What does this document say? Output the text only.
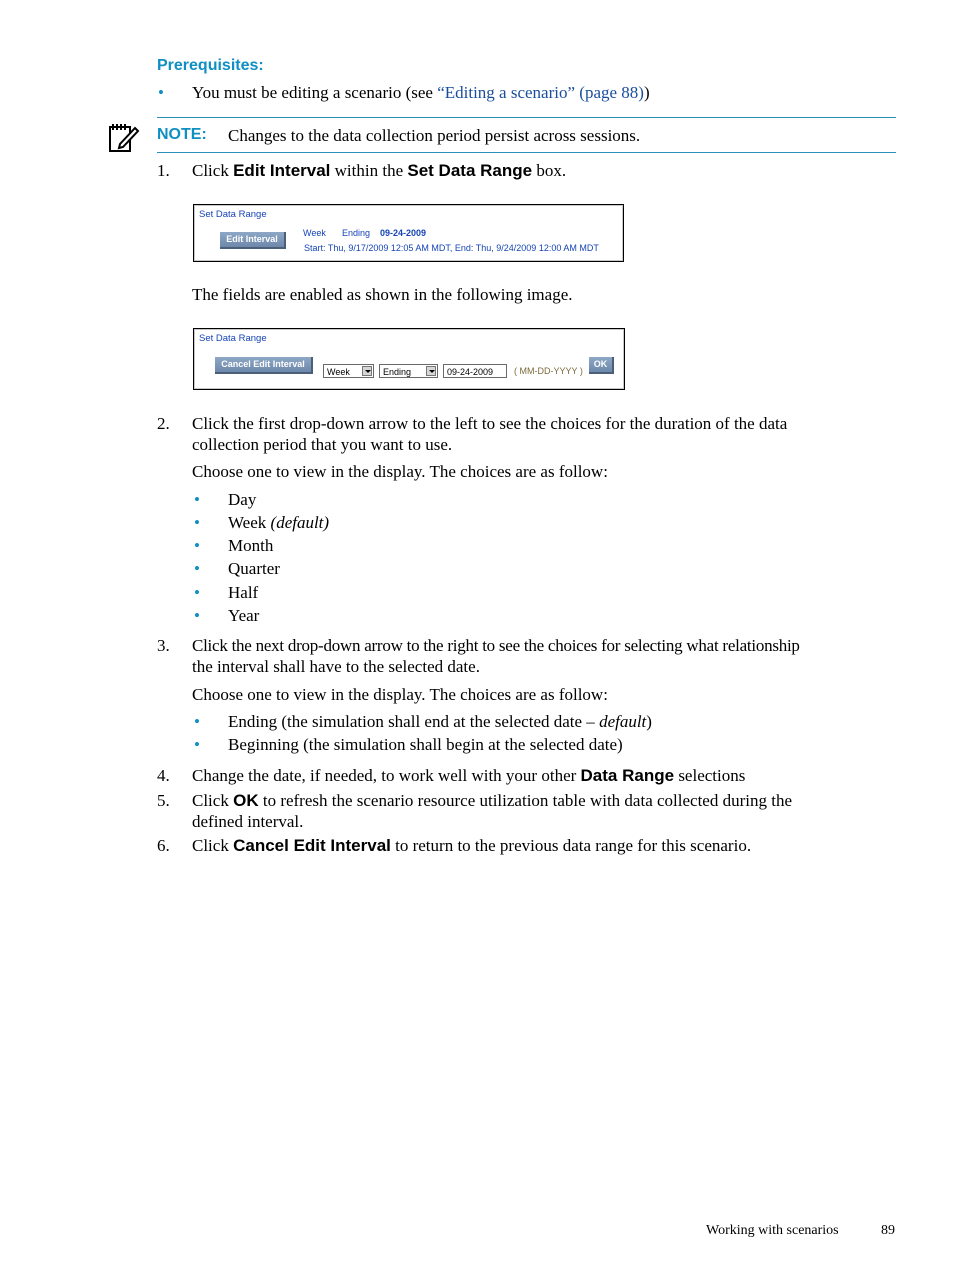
Prerequisites:
• You must be editing a scenario (see “Editing a scenario” (page 88))
NOTE: Changes to the data collection period persist across sessions.
1. Click Edit Interval within the Set Data Range box.
Set Data Range
Edit Interval
Week Ending 09-24-2009
Start: Thu, 9/17/2009 12:05 AM MDT, End: Thu, 9/24/2009 12:00 AM MDT
The fields are enabled as shown in the following image.
Set Data Range
Cancel Edit Interval
Week	Ending	09-24-2009	( MM-DD-YYYY )
OK
2. Click the first drop-down arrow to the left to see the choices for the duration of the data
collection period that you want to use.
Choose one to view in the display. The choices are as follow:
• Day
• Week (default)
• Month
• Quarter
• Half
• Year
3. Click the next drop-down arrow to the right to see the choices for selecting what relationship
the interval shall have to the selected date.
Choose one to view in the display. The choices are as follow:
• Ending (the simulation shall end at the selected date – default)
• Beginning (the simulation shall begin at the selected date)
4. Change the date, if needed, to work well with your other Data Range selections
5. Click OK to refresh the scenario resource utilization table with data collected during the
defined interval.
6. Click Cancel Edit Interval to return to the previous data range for this scenario.
Working with scenarios	89
